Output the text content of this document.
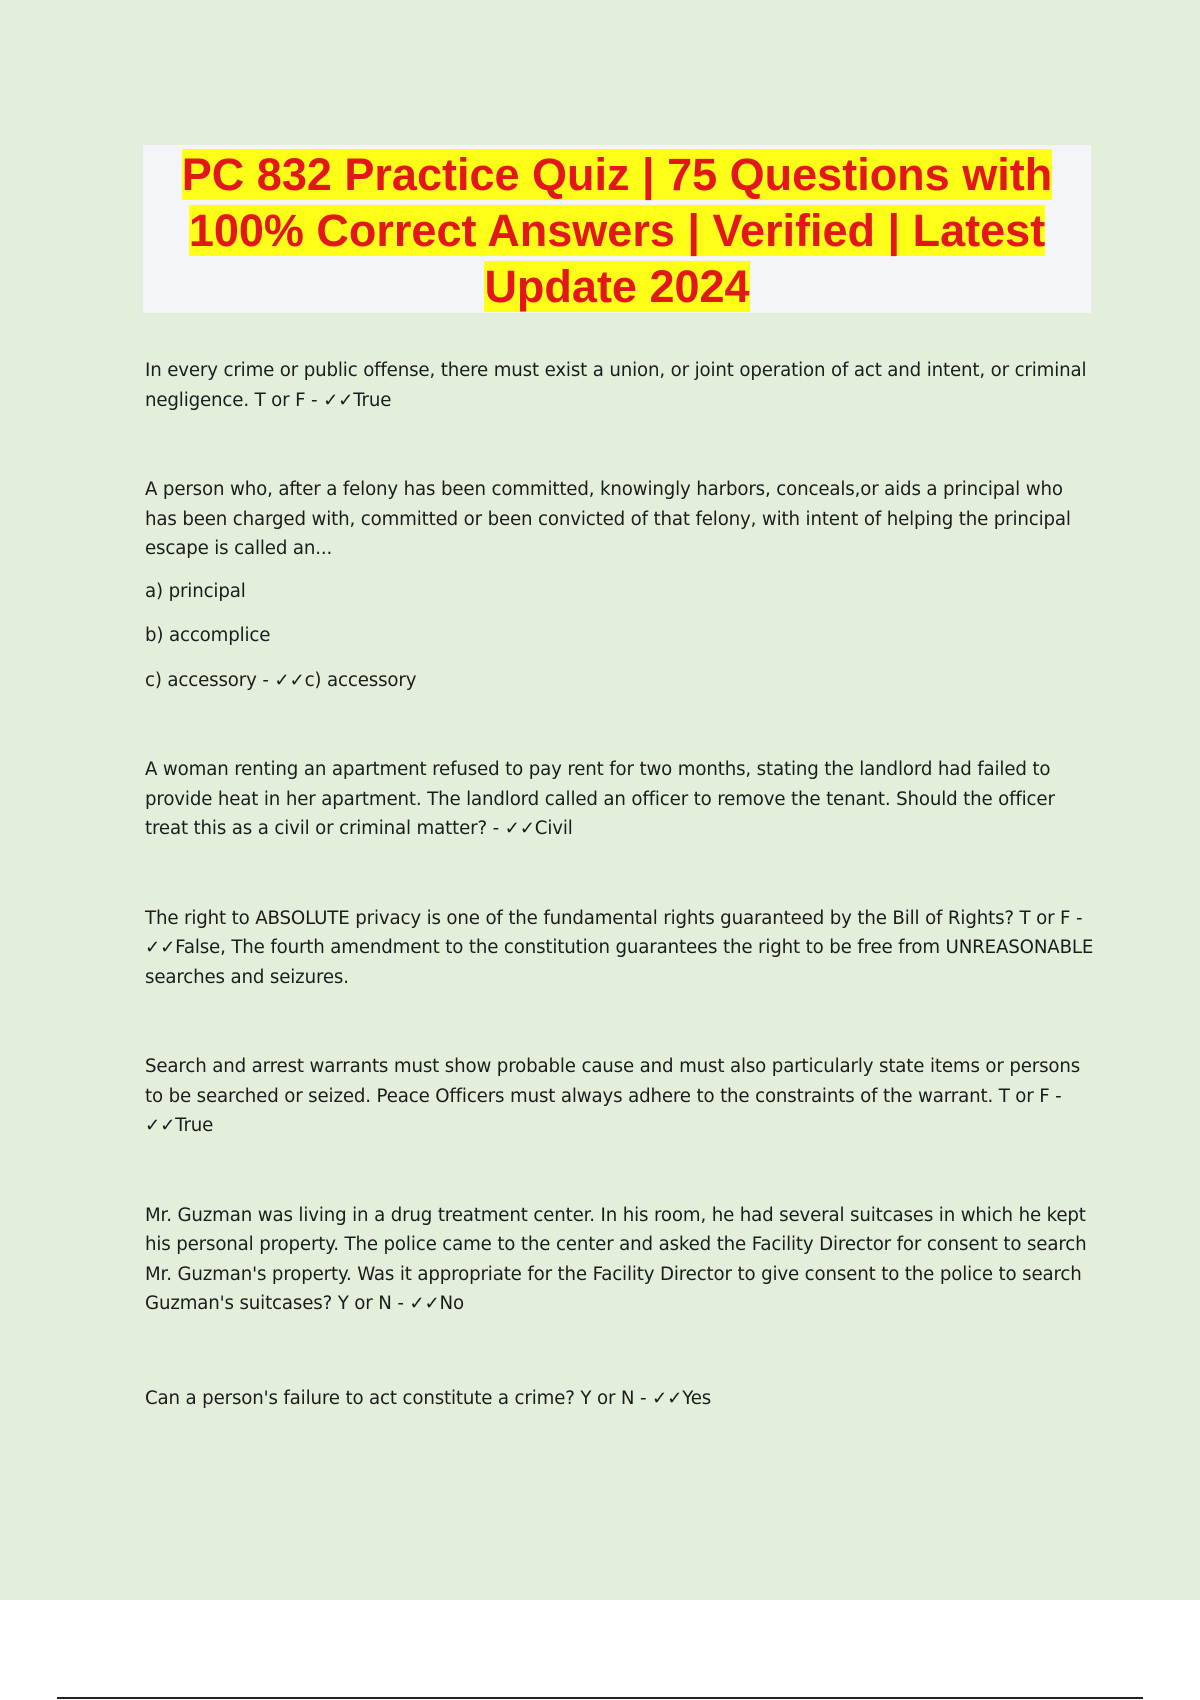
PC 832 Practice Quiz | 75 Questions with 100% Correct Answers | Verified | Latest Update 2024

In every crime or public offense, there must exist a union, or joint operation of act and intent, or criminal negligence. T or F - ✓✓True

A person who, after a felony has been committed, knowingly harbors, conceals,or aids a principal who has been charged with, committed or been convicted of that felony, with intent of helping the principal escape is called an...

a) principal

b) accomplice

c) accessory - ✓✓c) accessory

A woman renting an apartment refused to pay rent for two months, stating the landlord had failed to provide heat in her apartment. The landlord called an officer to remove the tenant. Should the officer treat this as a civil or criminal matter? - ✓✓Civil

The right to ABSOLUTE privacy is one of the fundamental rights guaranteed by the Bill of Rights? T or F - ✓✓False, The fourth amendment to the constitution guarantees the right to be free from UNREASONABLE searches and seizures.

Search and arrest warrants must show probable cause and must also particularly state items or persons to be searched or seized. Peace Officers must always adhere to the constraints of the warrant. T or F - ✓✓True

Mr. Guzman was living in a drug treatment center. In his room, he had several suitcases in which he kept his personal property. The police came to the center and asked the Facility Director for consent to search Mr. Guzman's property. Was it appropriate for the Facility Director to give consent to the police to search Guzman's suitcases? Y or N - ✓✓No

Can a person's failure to act constitute a crime? Y or N - ✓✓Yes
